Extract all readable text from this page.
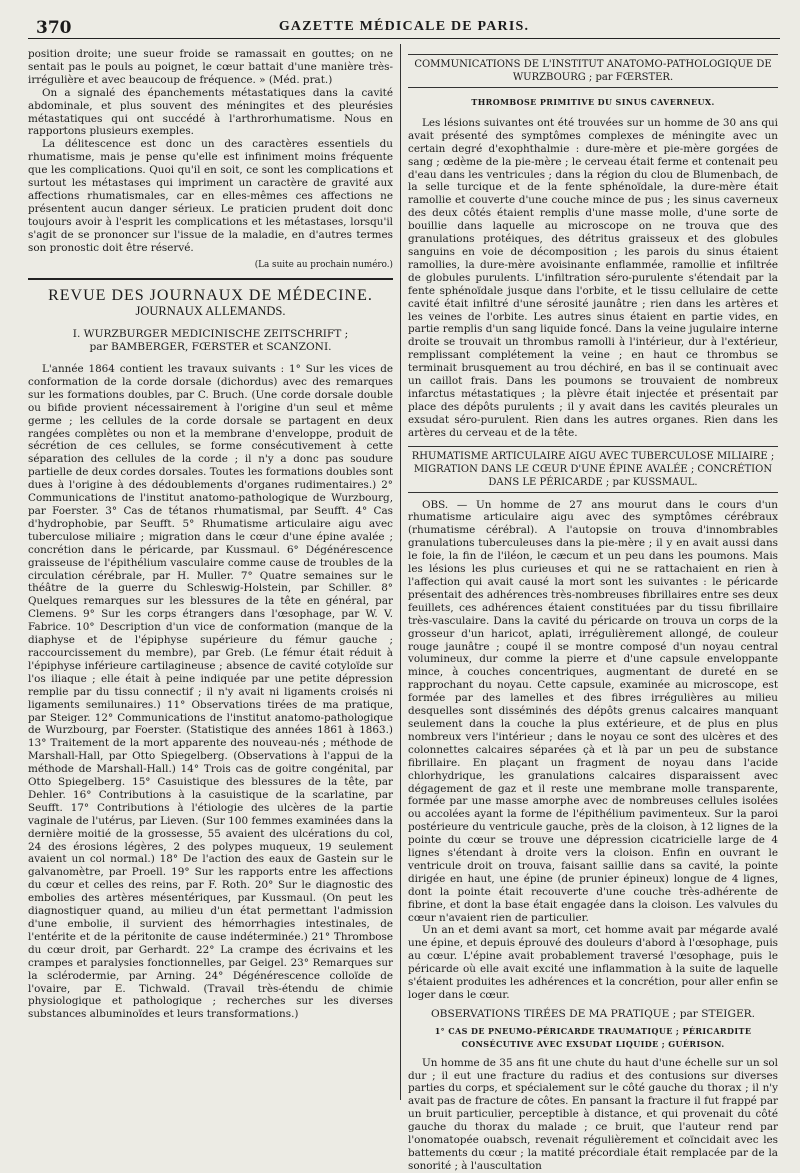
370	GAZETTE MÉDICALE DE PARIS.

position droite; une sueur froide se ramassait en gouttes; on ne sentait pas le pouls au poignet, le cœur battait d'une manière très-irrégulière et avec beaucoup de fréquence. » (Méd. prat.)

On a signalé des épanchements métastatiques dans la cavité abdominale, et plus souvent des méningites et des pleurésies métastatiques qui ont succédé à l'arthrorhumatisme. Nous en rapportons plusieurs exemples.

La délitescence est donc un des caractères essentiels du rhumatisme, mais je pense qu'elle est infiniment moins fréquente que les complications. Quoi qu'il en soit, ce sont les complications et surtout les métastases qui impriment un caractère de gravité aux affections rhumatismales, car en elles-mêmes ces affections ne présentent aucun danger sérieux. Le praticien prudent doit donc toujours avoir à l'esprit les complications et les métastases, lorsqu'il s'agit de se prononcer sur l'issue de la maladie, en d'autres termes son pronostic doit être réservé.

(La suite au prochain numéro.)
REVUE DES JOURNAUX DE MÉDECINE.
JOURNAUX ALLEMANDS.
I. WURZBURGER MEDICINISCHE ZEITSCHRIFT ;
par BAMBERGER, FŒRSTER et SCANZONI.

L'année 1864 contient les travaux suivants : 1° Sur les vices de conformation de la corde dorsale (dichordus) avec des remarques sur les formations doubles, par C. Bruch. (Une corde dorsale double ou bifide provient nécessairement à l'origine d'un seul et même germe ; les cellules de la corde dorsale se partagent en deux rangées complètes ou non et la membrane d'enveloppe, produit de sécrétion de ces cellules, se forme consécutivement à cette séparation des cellules de la corde ; il n'y a donc pas soudure partielle de deux cordes dorsales. Toutes les formations doubles sont dues à l'origine à des dédoublements d'organes rudimentaires.) 2° Communications de l'institut anatomo-pathologique de Wurzbourg, par Foerster. 3° Cas de tétanos rhumatismal, par Seufft. 4° Cas d'hydrophobie, par Seufft. 5° Rhumatisme articulaire aigu avec tuberculose miliaire ; migration dans le cœur d'une épine avalée ; concrétion dans le péricarde, par Kussmaul. 6° Dégénérescence graisseuse de l'épithélium vasculaire comme cause de troubles de la circulation cérébrale, par H. Muller. 7° Quatre semaines sur le théâtre de la guerre du Schleswig-Holstein, par Schiller. 8° Quelques remarques sur les blessures de la tête en général, par Clemens. 9° Sur les corps étrangers dans l'œsophage, par W. V. Fabrice. 10° Description d'un vice de conformation (manque de la diaphyse et de l'épiphyse supérieure du fémur gauche ; raccourcissement du membre), par Greb. (Le fémur était réduit à l'épiphyse inférieure cartilagineuse ; absence de cavité cotyloïde sur l'os iliaque ; elle était à peine indiquée par une petite dépression remplie par du tissu connectif ; il n'y avait ni ligaments croisés ni ligaments semilunaires.) 11° Observations tirées de ma pratique, par Steiger. 12° Communications de l'institut anatomo-pathologique de Wurzbourg, par Foerster. (Statistique des années 1861 à 1863.) 13° Traitement de la mort apparente des nouveau-nés ; méthode de Marshall-Hall, par Otto Spiegelberg. (Observations à l'appui de la méthode de Marshall-Hall.) 14° Trois cas de goitre congénital, par Otto Spiegelberg. 15° Casuistique des blessures de la tête, par Dehler. 16° Contributions à la casuistique de la scarlatine, par Seufft. 17° Contributions à l'étiologie des ulcères de la partie vaginale de l'utérus, par Lieven. (Sur 100 femmes examinées dans la dernière moitié de la grossesse, 55 avaient des ulcérations du col, 24 des érosions légères, 2 des polypes muqueux, 19 seulement avaient un col normal.) 18° De l'action des eaux de Gastein sur le galvanomètre, par Proell. 19° Sur les rapports entre les affections du cœur et celles des reins, par F. Roth. 20° Sur le diagnostic des embolies des artères mésentériques, par Kussmaul. (On peut les diagnostiquer quand, au milieu d'un état permettant l'admission d'une embolie, il survient des hémorrhagies intestinales, de l'entérite et de la péritonite de cause indéterminée.) 21° Thrombose du cœur droit, par Gerhardt. 22° La crampe des écrivains et les crampes et paralysies fonctionnelles, par Geigel. 23° Remarques sur la sclérodermie, par Arning. 24° Dégénérescence colloïde de l'ovaire, par E. Tichwald. (Travail très-étendu de chimie physiologique et pathologique ; recherches sur les diverses substances albuminoïdes et leurs transformations.)

COMMUNICATIONS DE L'INSTITUT ANATOMO-PATHOLOGIQUE DE WURZBOURG ; par FŒRSTER.
THROMBOSE PRIMITIVE DU SINUS CAVERNEUX.

Les lésions suivantes ont été trouvées sur un homme de 30 ans qui avait présenté des symptômes complexes de méningite avec un certain degré d'exophthalmie : dure-mère et pie-mère gorgées de sang ; œdème de la pie-mère ; le cerveau était ferme et contenait peu d'eau dans les ventricules ; dans la région du clou de Blumenbach, de la selle turcique et de la fente sphénoïdale, la dure-mère était ramollie et couverte d'une couche mince de pus ; les sinus caverneux des deux côtés étaient remplis d'une masse molle, d'une sorte de bouillie dans laquelle au microscope on ne trouva que des granulations protéiques, des détritus graisseux et des globules sanguins en voie de décomposition ; les parois du sinus étaient ramollies, la dure-mère avoisinante enflammée, ramollie et infiltrée de globules purulents. L'infiltration séro-purulente s'étendait par la fente sphénoïdale jusque dans l'orbite, et le tissu cellulaire de cette cavité était infiltré d'une sérosité jaunâtre ; rien dans les artères et les veines de l'orbite. Les autres sinus étaient en partie vides, en partie remplis d'un sang liquide foncé. Dans la veine jugulaire interne droite se trouvait un thrombus ramolli à l'intérieur, dur à l'extérieur, remplissant complétement la veine ; en haut ce thrombus se terminait brusquement au trou déchiré, en bas il se continuait avec un caillot frais. Dans les poumons se trouvaient de nombreux infarctus métastatiques ; la plèvre était injectée et présentait par place des dépôts purulents ; il y avait dans les cavités pleurales un exsudat séro-purulent. Rien dans les autres organes. Rien dans les artères du cerveau et de la tête.

RHUMATISME ARTICULAIRE AIGU AVEC TUBERCULOSE MILIAIRE ; MIGRATION DANS LE CŒUR D'UNE ÉPINE AVALÉE ; CONCRÉTION DANS LE PÉRICARDE ; par KUSSMAUL.

OBS. — Un homme de 27 ans mourut dans le cours d'un rhumatisme articulaire aigu avec des symptômes cérébraux (rhumatisme cérébral). A l'autopsie on trouva d'innombrables granulations tuberculeuses dans la pie-mère ; il y en avait aussi dans le foie, la fin de l'iléon, le cæcum et un peu dans les poumons. Mais les lésions les plus curieuses et qui ne se rattachaient en rien à l'affection qui avait causé la mort sont les suivantes : le péricarde présentait des adhérences très-nombreuses fibrillaires entre ses deux feuillets, ces adhérences étaient constituées par du tissu fibrillaire très-vasculaire. Dans la cavité du péricarde on trouva un corps de la grosseur d'un haricot, aplati, irrégulièrement allongé, de couleur rouge jaunâtre ; coupé il se montre composé d'un noyau central volumineux, dur comme la pierre et d'une capsule enveloppante mince, à couches concentriques, augmentant de dureté en se rapprochant du noyau. Cette capsule, examinée au microscope, est formée par des lamelles et des fibres irrégulières au milieu desquelles sont disséminés des dépôts grenus calcaires manquant seulement dans la couche la plus extérieure, et de plus en plus nombreux vers l'intérieur ; dans le noyau ce sont des ulcères et des colonnettes calcaires séparées çà et là par un peu de substance fibrillaire. En plaçant un fragment de noyau dans l'acide chlorhydrique, les granulations calcaires disparaissent avec dégagement de gaz et il reste une membrane molle transparente, formée par une masse amorphe avec de nombreuses cellules isolées ou accolées ayant la forme de l'épithélium pavimenteux. Sur la paroi postérieure du ventricule gauche, près de la cloison, à 12 lignes de la pointe du cœur se trouve une dépression cicatricielle large de 4 lignes s'étendant à droite vers la cloison. Enfin en ouvrant le ventricule droit on trouva, faisant saillie dans sa cavité, la pointe dirigée en haut, une épine (de prunier épineux) longue de 4 lignes, dont la pointe était recouverte d'une couche très-adhérente de fibrine, et dont la base était engagée dans la cloison. Les valvules du cœur n'avaient rien de particulier.

Un an et demi avant sa mort, cet homme avait par mégarde avalé une épine, et depuis éprouvé des douleurs d'abord à l'œsophage, puis au cœur. L'épine avait probablement traversé l'œsophage, puis le péricarde où elle avait excité une inflammation à la suite de laquelle s'étaient produites les adhérences et la concrétion, pour aller enfin se loger dans le cœur.

OBSERVATIONS TIRÉES DE MA PRATIQUE ; par STEIGER.
1° CAS DE PNEUMO-PÉRICARDE TRAUMATIQUE ; PÉRICARDITE CONSÉCUTIVE AVEC EXSUDAT LIQUIDE ; GUÉRISON.

Un homme de 35 ans fit une chute du haut d'une échelle sur un sol dur ; il eut une fracture du radius et des contusions sur diverses parties du corps, et spécialement sur le côté gauche du thorax ; il n'y avait pas de fracture de côtes. En pansant la fracture il fut frappé par un bruit particulier, perceptible à distance, et qui provenait du côté gauche du thorax du malade ; ce bruit, que l'auteur rend par l'onomatopée ouabsch, revenait régulièrement et coïncidait avec les battements du cœur ; la matité précordiale était remplacée par de la sonorité ; à l'auscultation
